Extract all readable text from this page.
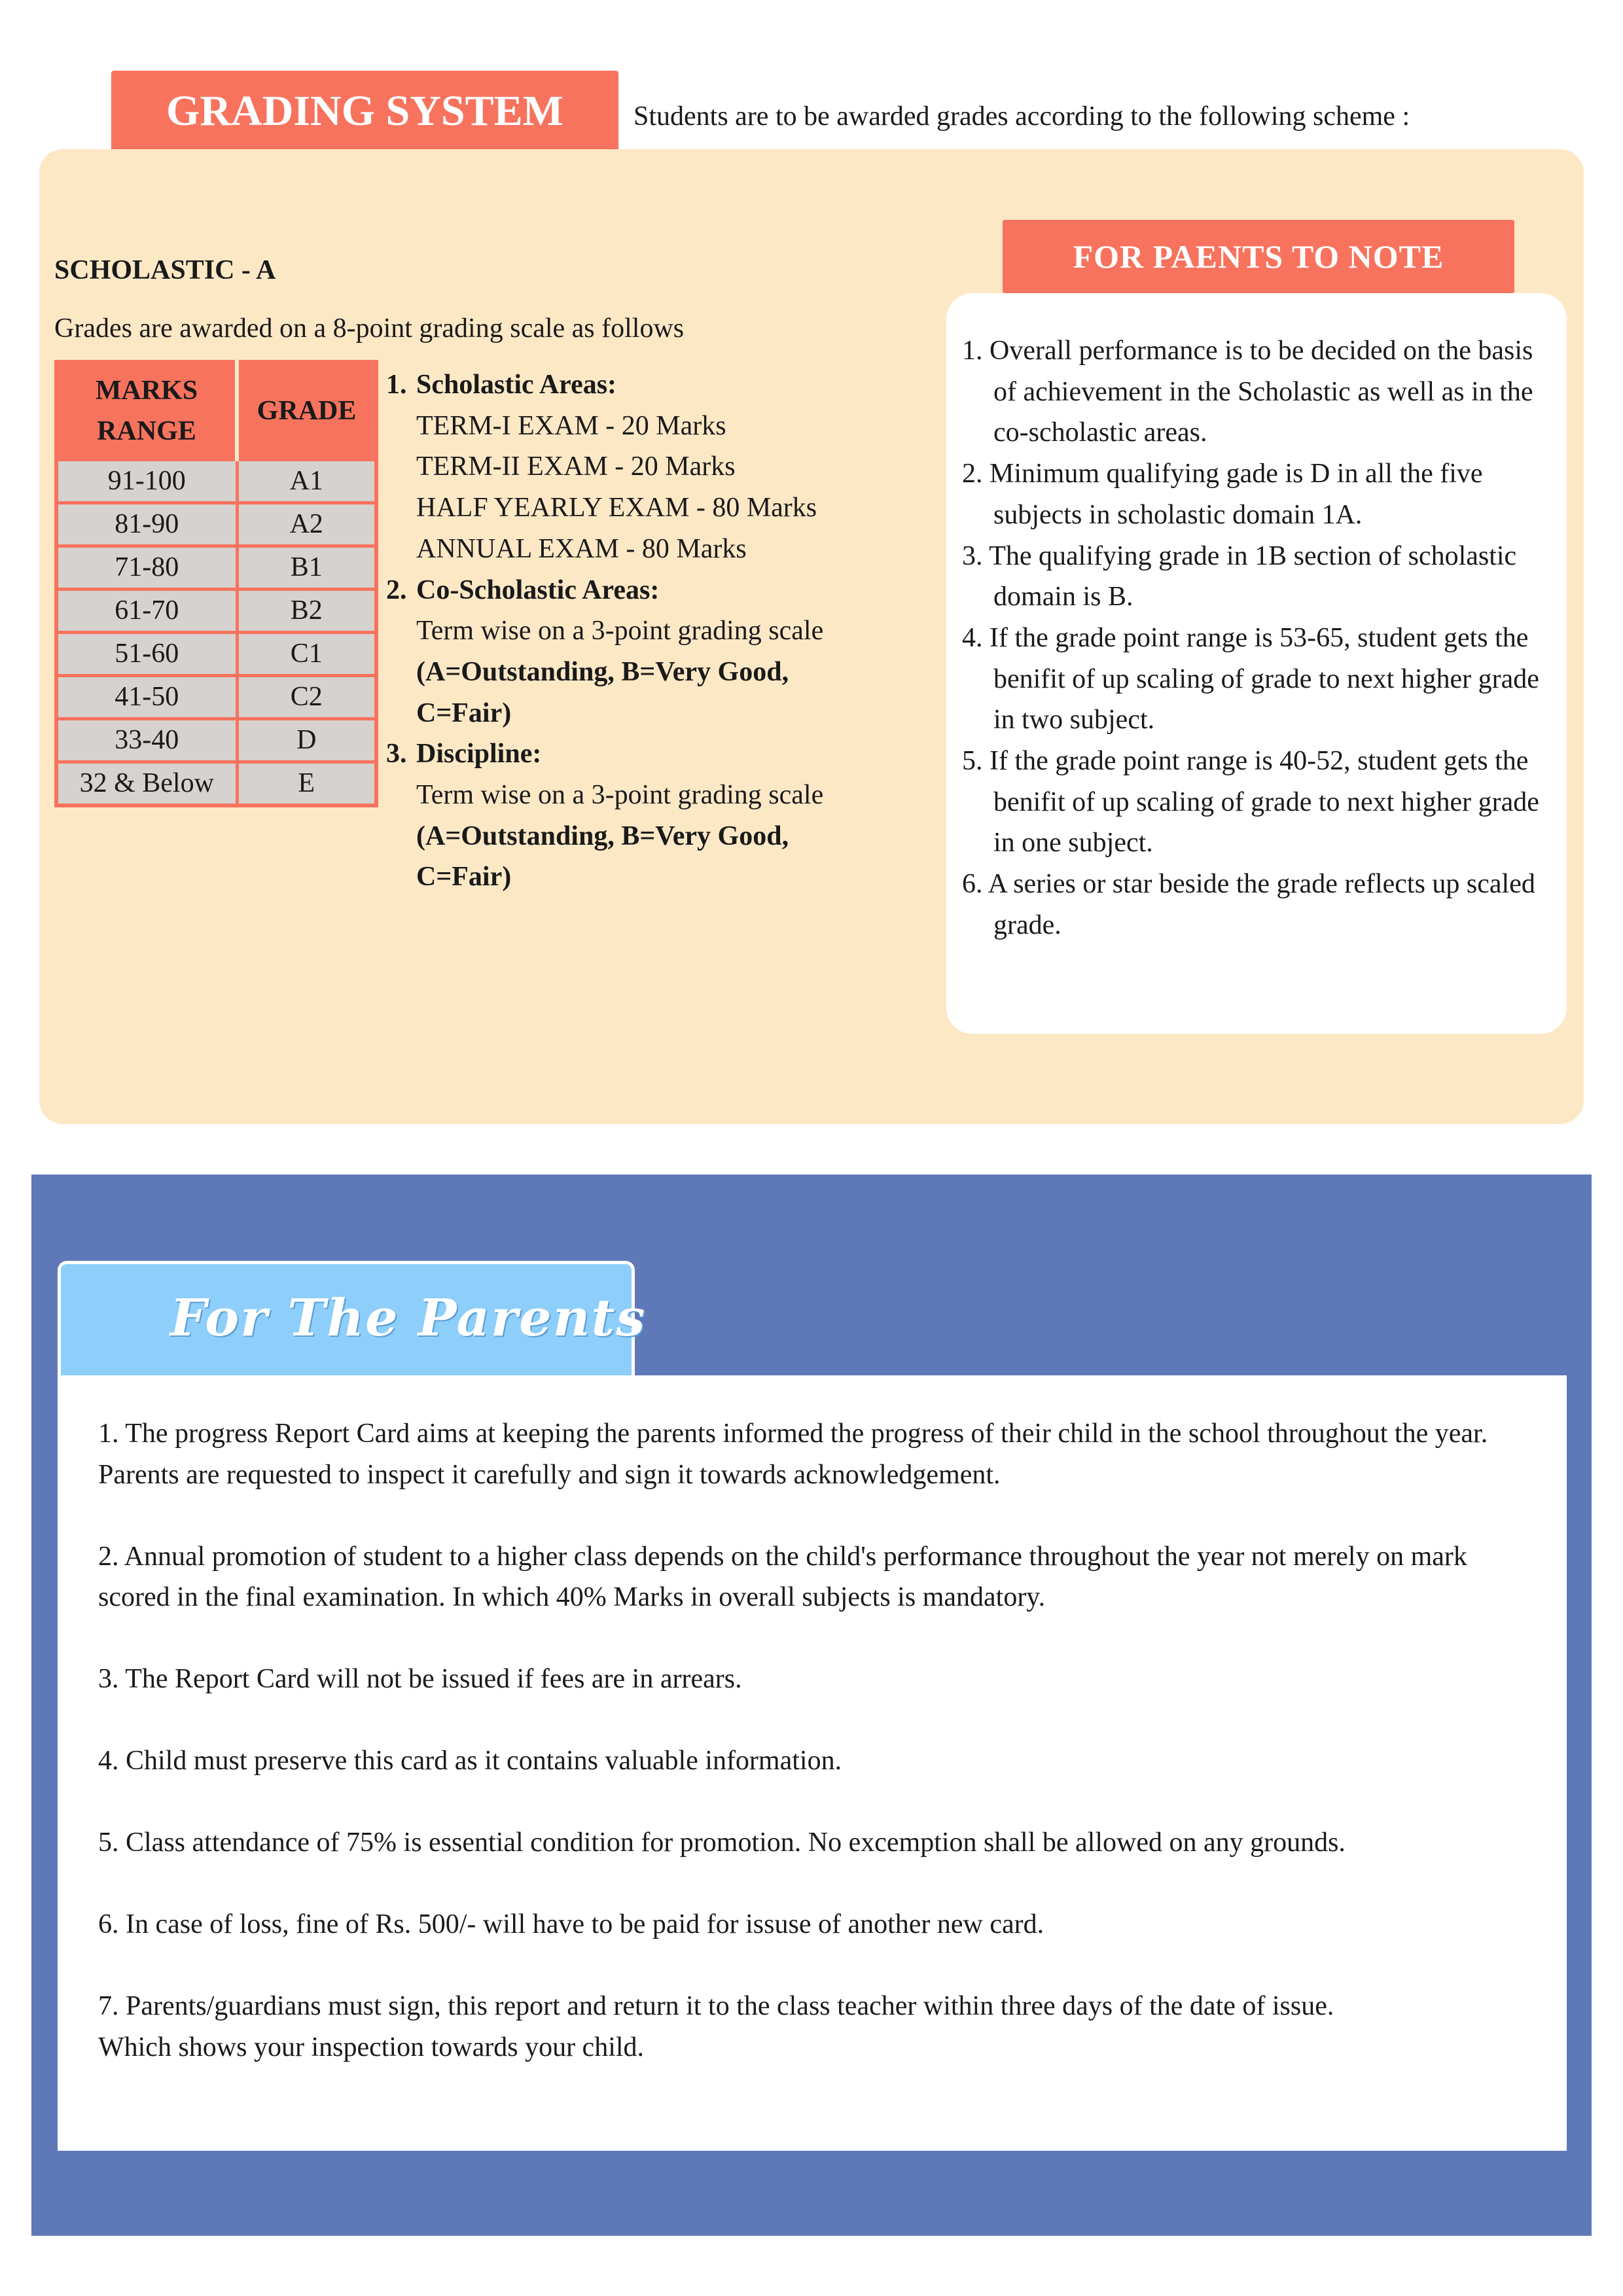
GRADING SYSTEM	Students are to be awarded grades according to the following scheme :
SCHOLASTIC - A
Grades are awarded on a 8-point grading scale as follows
MARKS RANGE	GRADE
91-100	A1
81-90	A2
71-80	B1
61-70	B2
51-60	C1
41-50	C2
33-40	D
32 & Below	E
1. Scholastic Areas:
TERM-I EXAM - 20 Marks
TERM-II EXAM - 20 Marks
HALF YEARLY EXAM - 80 Marks
ANNUAL EXAM - 80 Marks
2. Co-Scholastic Areas:
Term wise on a 3-point grading scale
(A=Outstanding, B=Very Good,
C=Fair)
3. Discipline:
Term wise on a 3-point grading scale
(A=Outstanding, B=Very Good,
C=Fair)
FOR PAENTS TO NOTE
1. Overall performance is to be decided on the basis of achievement in the Scholastic as well as in the co-scholastic areas.
2. Minimum qualifying gade is D in all the five subjects in scholastic domain 1A.
3. The qualifying grade in 1B section of scholastic domain is B.
4. If the grade point range is 53-65, student gets the benifit of up scaling of grade to next higher grade in two subject.
5. If the grade point range is 40-52, student gets the benifit of up scaling of grade to next higher grade in one subject.
6. A series or star beside the grade reflects up scaled grade.
For The Parents

1. The progress Report Card aims at keeping the parents informed the progress of their child in the school throughout the year.
Parents are requested to inspect it carefully and sign it towards acknowledgement.

2. Annual promotion of student to a higher class depends on the child's performance throughout the year not merely on mark scored in the final examination. In which 40% Marks in overall subjects is mandatory.

3. The Report Card will not be issued if fees are in arrears.

4. Child must preserve this card as it contains valuable information.

5. Class attendance of 75% is essential condition for promotion. No excemption shall be allowed on any grounds.

6. In case of loss, fine of Rs. 500/- will have to be paid for issuse of another new card.

7. Parents/guardians must sign, this report and return it to the class teacher within three days of the date of issue.
Which shows your inspection towards your child.
